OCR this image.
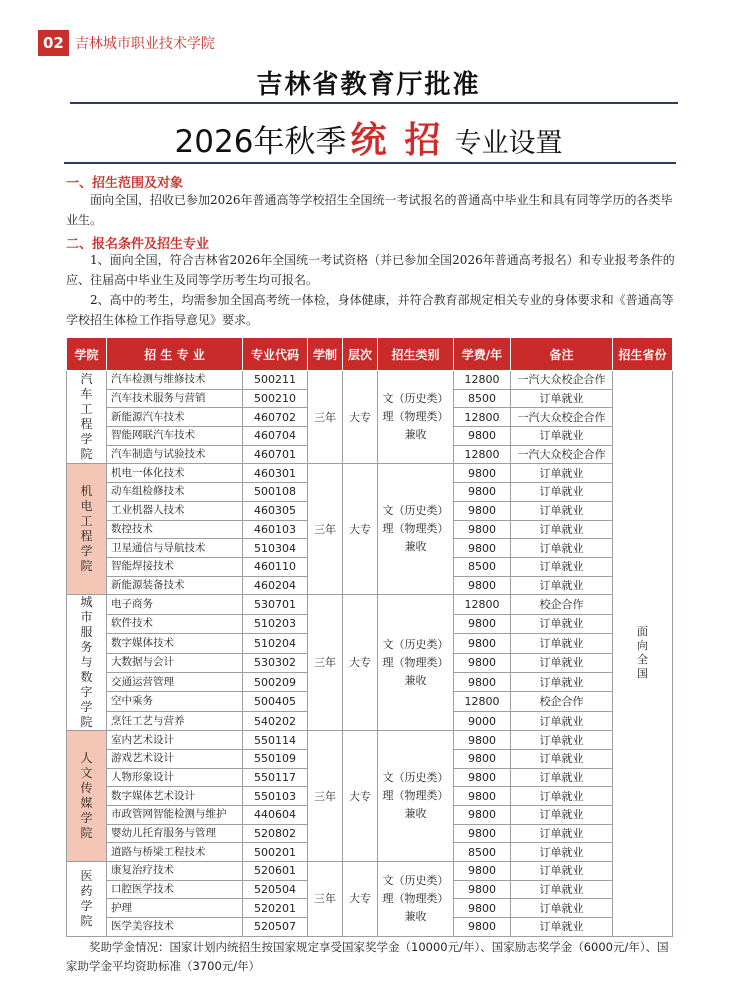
02 吉林城市职业技术学院
吉林省教育厅批准
2026年秋季 统 招 专业设置
一、招生范围及对象
面向全国，招收已参加2026年普通高等学校招生全国统一考试报名的普通高中毕业生和具有同等学历的各类毕业生。
二、报名条件及招生专业
1、面向全国，符合吉林省2026年全国统一考试资格（并已参加全国2026年普通高考报名）和专业报考条件的应、往届高中毕业生及同等学历考生均可报名。
2、高中的考生，均需参加全国高考统一体检，身体健康，并符合教育部规定相关专业的身体要求和《普通高等学校招生体检工作指导意见》要求。
学院	招 生 专 业	专业代码	学制	层次	招生类别	学费/年	备注	招生省份
汽车工程学院	汽车检测与维修技术	500211	三年	大专	文（历史类）理（物理类）兼收	12800	一汽大众校企合作	面向全国
	汽车技术服务与营销	500210				8500	订单就业	
	新能源汽车技术	460702				12800	一汽大众校企合作	
	智能网联汽车技术	460704				9800	订单就业	
	汽车制造与试验技术	460701				12800	一汽大众校企合作	
机电工程学院	机电一体化技术	460301	三年	大专	文（历史类）理（物理类）兼收	9800	订单就业	
	动车组检修技术	500108				9800	订单就业	
	工业机器人技术	460305				9800	订单就业	
	数控技术	460103				9800	订单就业	
	卫星通信与导航技术	510304				9800	订单就业	
	智能焊接技术	460110				8500	订单就业	
	新能源装备技术	460204				9800	订单就业	
城市服务与数字学院	电子商务	530701	三年	大专	文（历史类）理（物理类）兼收	12800	校企合作	
	软件技术	510203				9800	订单就业	
	数字媒体技术	510204				9800	订单就业	
	大数据与会计	530302				9800	订单就业	
	交通运营管理	500209				9800	订单就业	
	空中乘务	500405				12800	校企合作	
	烹饪工艺与营养	540202				9000	订单就业	
人文传媒学院	室内艺术设计	550114	三年	大专	文（历史类）理（物理类）兼收	9800	订单就业	
	游戏艺术设计	550109				9800	订单就业	
	人物形象设计	550117				9800	订单就业	
	数字媒体艺术设计	550103				9800	订单就业	
	市政管网智能检测与维护	440604				9800	订单就业	
	婴幼儿托育服务与管理	520802				9800	订单就业	
	道路与桥梁工程技术	500201				8500	订单就业	
医药学院	康复治疗技术	520601	三年	大专	文（历史类）理（物理类）兼收	9800	订单就业	
	口腔医学技术	520504				9800	订单就业	
	护理	520201				9800	订单就业	
	医学美容技术	520507				9800	订单就业	
奖助学金情况：国家计划内统招生按国家规定享受国家奖学金（10000元/年）、国家励志奖学金（6000元/年）、国家助学金平均资助标准（3700元/年）
